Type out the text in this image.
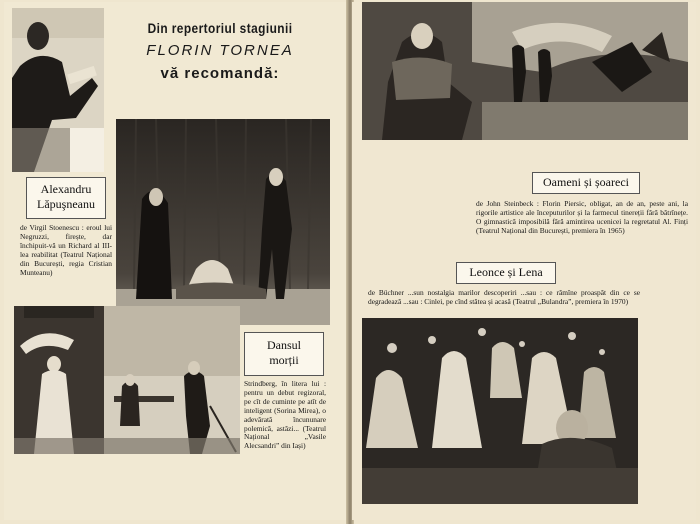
Din repertoriul stagiunii
FLORIN TORNEA
vă recomandă:
Alexandru
Lăpuşneanu
de Virgil Stoenescu : eroul lui Negruzzi, firește, dar închipuit-vă un Richard al III-lea reabilitat (Teatrul Național din București, regia Cristian Munteanu)
Dansul
morții
Strindberg, în litera lui : pentru un debut regizoral, pe cît de cuminte pe atît de inteligent (Sorina Mirea), o adevărată încununare polemică, astăzi... (Teatrul Național „Vasile Alecsandri” din Iași)
Oameni și șoareci
de John Steinbeck : Florin Piersic, obligat, an de an, peste ani, la rigorile artistice ale începuturilor și la farmecul tinereții fără bătrînețe. O gimnastică imposibilă fără amintirea ucenicei la regretatul Al. Finți (Teatrul Național din București, premiera în 1965)
Leonce și Lena
de Büchner ...sun nostalgia marilor descoperiri ...sau : ce rămîne proaspăt din ce se degradează ...sau : Cinlei, pe cînd stătea și acasă (Teatrul „Bulandra”, premiera în 1970)
